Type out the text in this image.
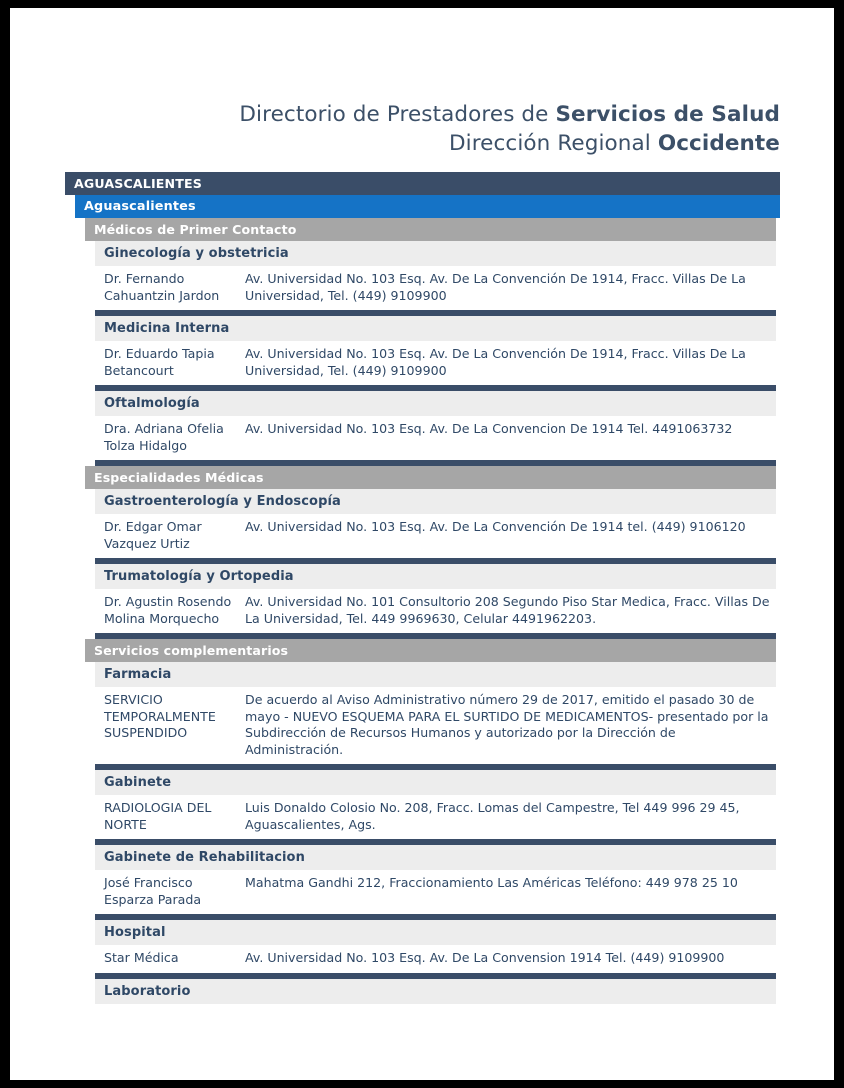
Directorio de Prestadores de Servicios de Salud
Dirección Regional Occidente
AGUASCALIENTES
Aguascalientes
Médicos de Primer Contacto
Ginecología y obstetricia
Dr. Fernando Cahuantzin Jardon
Av. Universidad No. 103 Esq. Av. De La Convención De 1914, Fracc. Villas De La Universidad, Tel. (449) 9109900
Medicina Interna
Dr. Eduardo Tapia Betancourt
Av. Universidad No. 103 Esq. Av. De La Convención De 1914, Fracc. Villas De La Universidad, Tel. (449) 9109900
Oftalmología
Dra. Adriana Ofelia Tolza Hidalgo
Av. Universidad No. 103 Esq. Av. De La Convencion De 1914 Tel. 4491063732
Especialidades Médicas
Gastroenterología y Endoscopía
Dr. Edgar Omar Vazquez Urtiz
Av. Universidad No. 103 Esq. Av. De La Convención De 1914 tel. (449) 9106120
Trumatología y Ortopedia
Dr. Agustin Rosendo Molina Morquecho
Av. Universidad No. 101 Consultorio 208 Segundo Piso Star Medica, Fracc. Villas De La Universidad, Tel. 449 9969630, Celular 4491962203.
Servicios complementarios
Farmacia
SERVICIO TEMPORALMENTE SUSPENDIDO
De acuerdo al Aviso Administrativo número 29 de 2017, emitido el pasado 30 de mayo - NUEVO ESQUEMA PARA EL SURTIDO DE MEDICAMENTOS- presentado por la Subdirección de Recursos Humanos y autorizado por la Dirección de Administración.
Gabinete
RADIOLOGIA DEL NORTE
Luis Donaldo Colosio No. 208, Fracc. Lomas del Campestre, Tel 449 996 29 45, Aguascalientes, Ags.
Gabinete de Rehabilitacion
José Francisco Esparza Parada
Mahatma Gandhi 212, Fraccionamiento Las Américas Teléfono: 449 978 25 10
Hospital
Star Médica	Av. Universidad No. 103 Esq. Av. De La Convension 1914 Tel. (449) 9109900
Laboratorio
